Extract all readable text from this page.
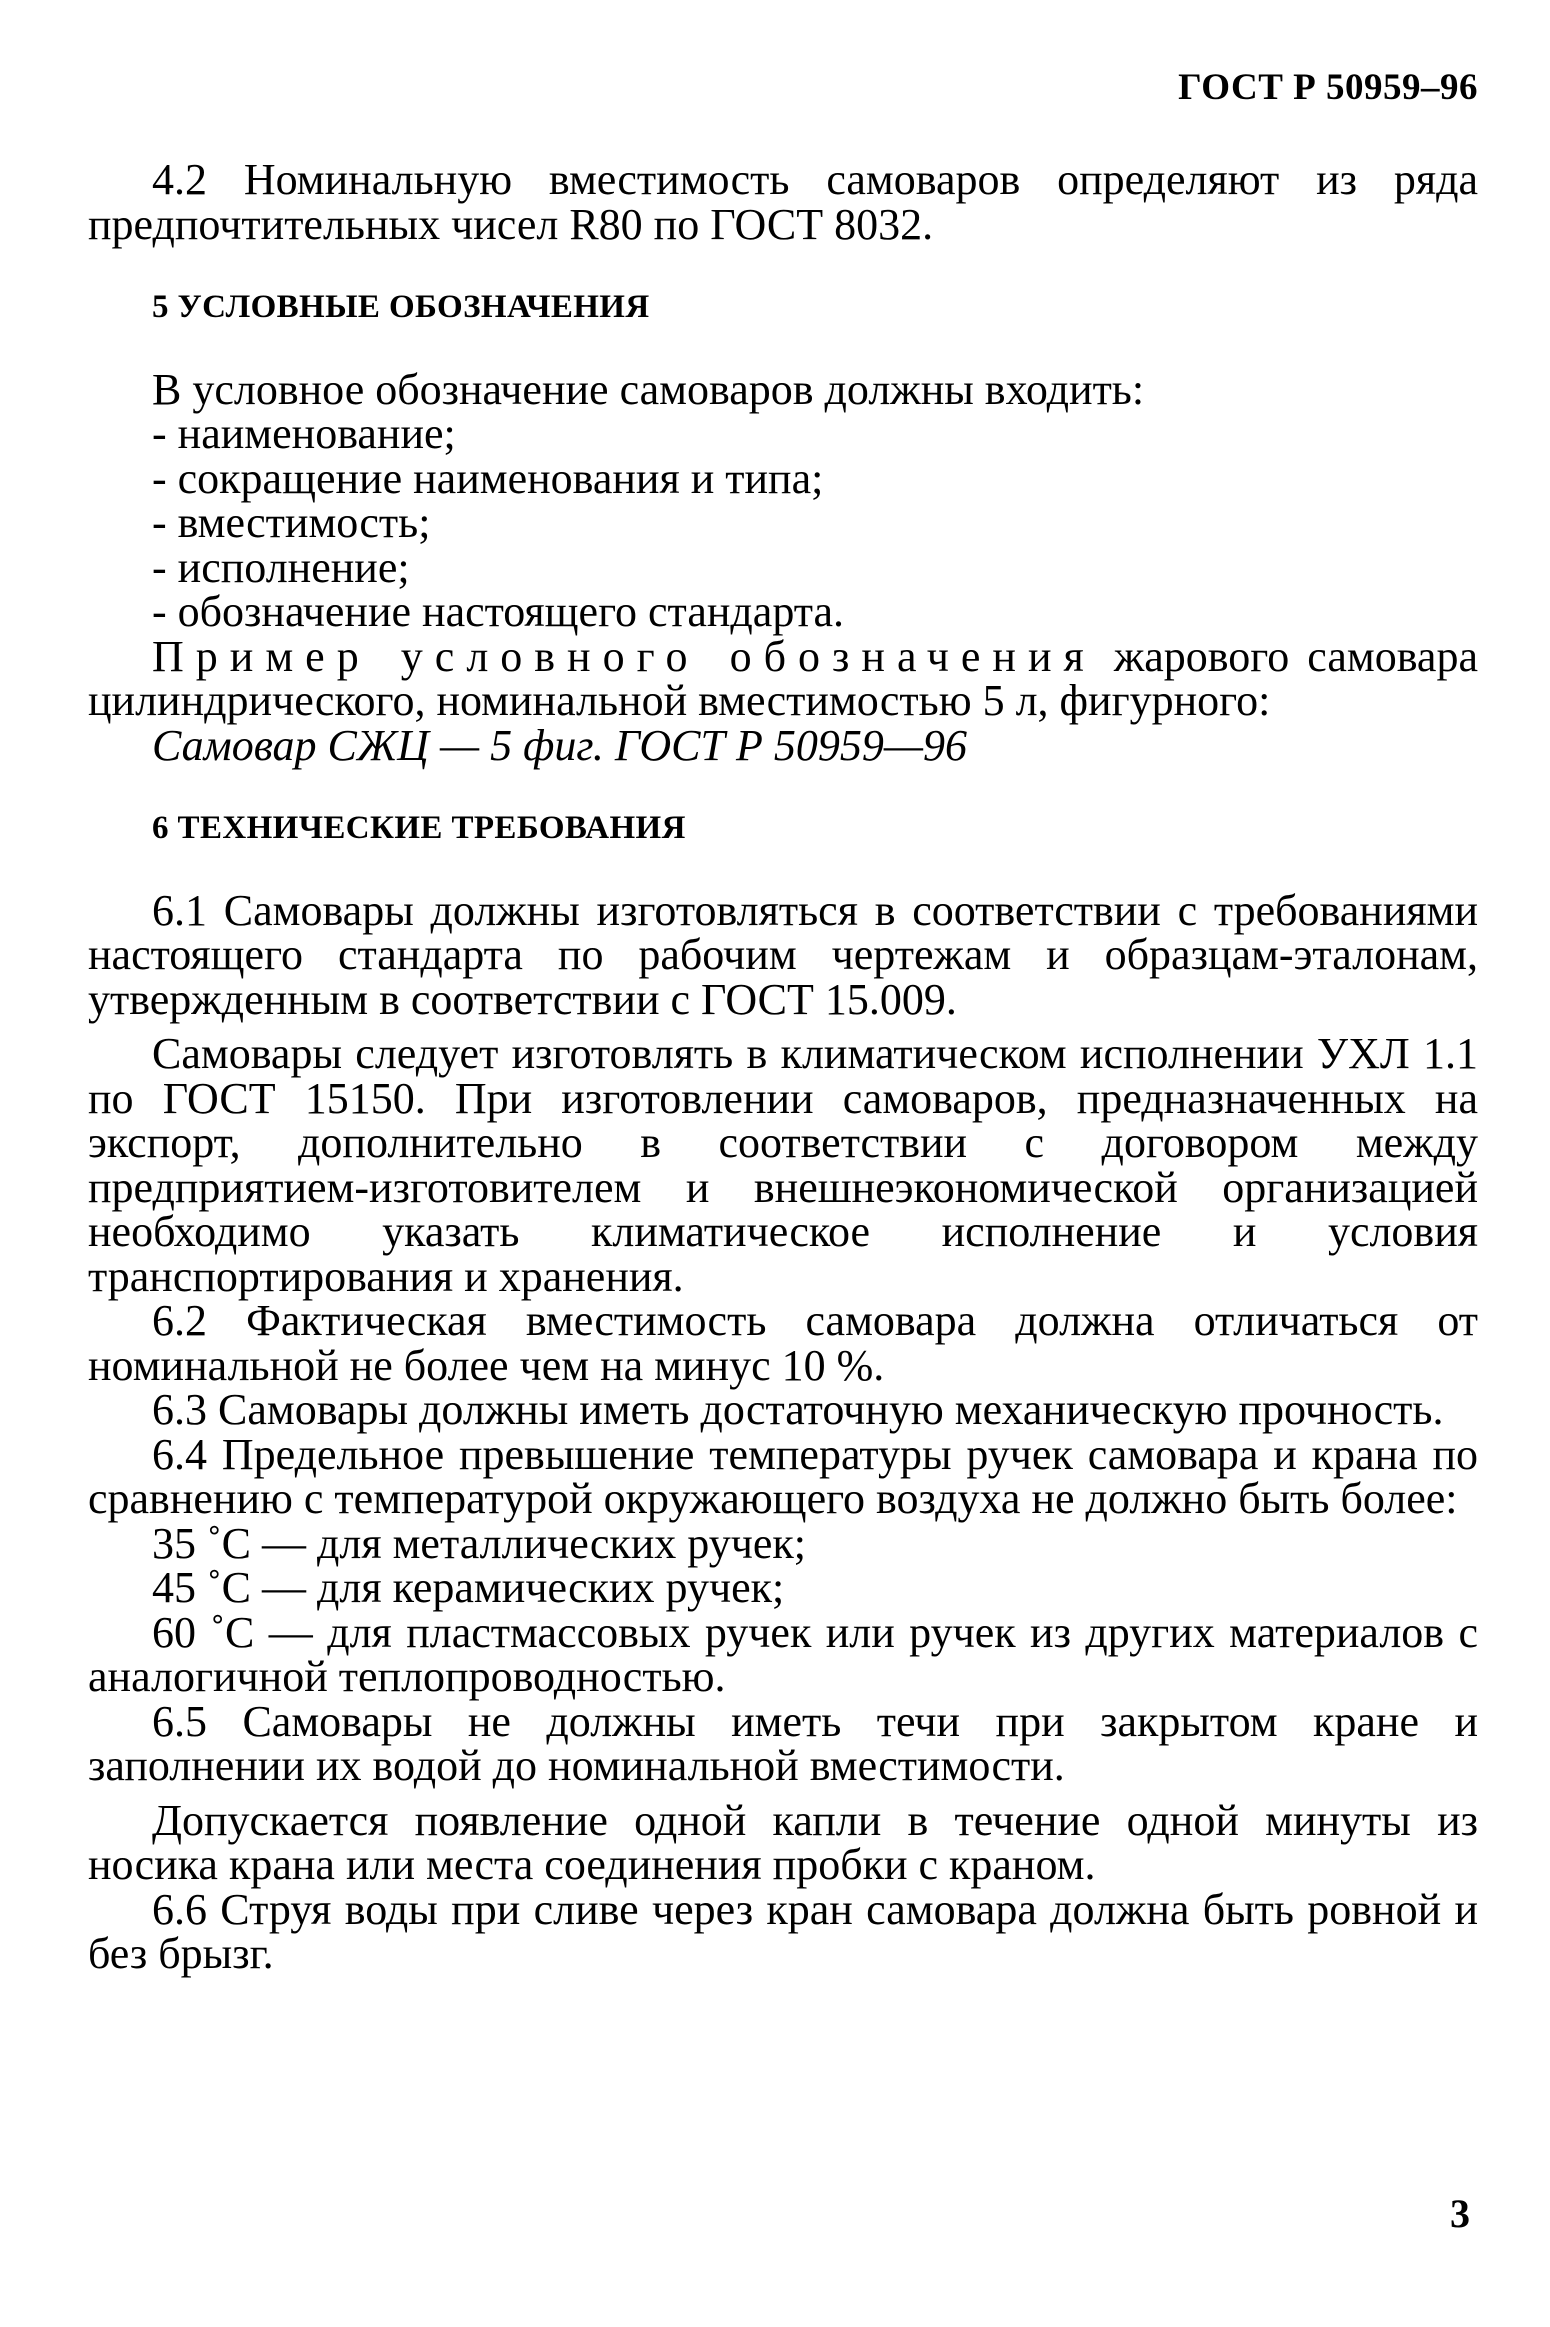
ГОСТ Р 50959–96

4.2 Номинальную вместимость самоваров определяют из ряда предпочтительных чисел R80 по ГОСТ 8032.

5 УСЛОВНЫЕ ОБОЗНАЧЕНИЯ

В условное обозначение самоваров должны входить:

- наименование;

- сокращение наименования и типа;

- вместимость;

- исполнение;

- обозначение настоящего стандарта.

Пример условного обозначения жарового самовара цилиндрического, номинальной вместимостью 5 л, фигурного:

Самовар СЖЦ — 5 фиг. ГОСТ Р 50959—96

6 ТЕХНИЧЕСКИЕ ТРЕБОВАНИЯ

6.1 Самовары должны изготовляться в соответствии с требованиями настоящего стандарта по рабочим чертежам и образцам-эталонам, утвержденным в соответствии с ГОСТ 15.009.

Самовары следует изготовлять в климатическом исполнении УХЛ 1.1 по ГОСТ 15150. При изготовлении самоваров, предназначенных на экспорт, дополнительно в соответствии с договором между предприятием-изготовителем и внешнеэкономической организацией необходимо указать климатическое исполнение и условия транспортирования и хранения.

6.2 Фактическая вместимость самовара должна отличаться от номинальной не более чем на минус 10 %.

6.3 Самовары должны иметь достаточную механическую прочность.

6.4 Предельное превышение температуры ручек самовара и крана по сравнению с температурой окружающего воздуха не должно быть более:

35 ˚С — для металлических ручек;

45 ˚С — для керамических ручек;

60 ˚С — для пластмассовых ручек или ручек из других материалов с аналогичной теплопроводностью.

6.5 Самовары не должны иметь течи при закрытом кране и заполнении их водой до номинальной вместимости.

Допускается появление одной капли в течение одной минуты из носика крана или места соединения пробки с краном.

6.6 Струя воды при сливе через кран самовара должна быть ровной и без брызг.

3
